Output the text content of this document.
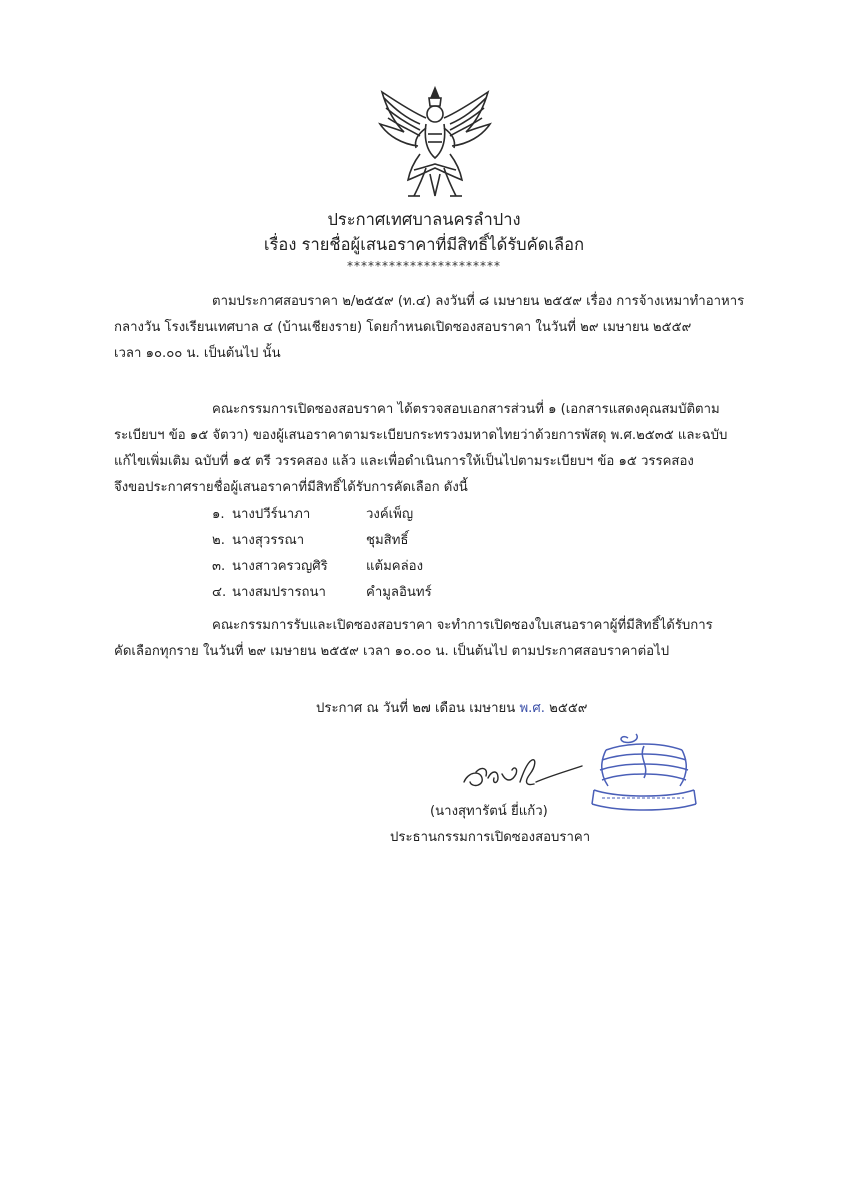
ประกาศเทศบาลนครลำปาง
เรื่อง รายชื่อผู้เสนอราคาที่มีสิทธิ์ได้รับคัดเลือก
**********************
ตามประกาศสอบราคา ๒/๒๕๕๙ (ท.๔) ลงวันที่ ๘ เมษายน ๒๕๕๙ เรื่อง การจ้างเหมาทำอาหาร
กลางวัน โรงเรียนเทศบาล ๔ (บ้านเชียงราย) โดยกำหนดเปิดซองสอบราคา ในวันที่ ๒๙ เมษายน ๒๕๕๙
เวลา ๑๐.๐๐ น. เป็นต้นไป นั้น
คณะกรรมการเปิดซองสอบราคา ได้ตรวจสอบเอกสารส่วนที่ ๑ (เอกสารแสดงคุณสมบัติตาม
ระเบียบฯ ข้อ ๑๕ จัตวา) ของผู้เสนอราคาตามระเบียบกระทรวงมหาดไทยว่าด้วยการพัสดุ พ.ศ.๒๕๓๕ และฉบับ
แก้ไขเพิ่มเติม ฉบับที่ ๑๕ ตรี วรรคสอง แล้ว และเพื่อดำเนินการให้เป็นไปตามระเบียบฯ ข้อ ๑๕ วรรคสอง
จึงขอประกาศรายชื่อผู้เสนอราคาที่มีสิทธิ์ได้รับการคัดเลือก ดังนี้
๑. นางปวีร์นาภา	วงค์เพ็ญ
๒. นางสุวรรณา	ชุมสิทธิ์
๓. นางสาวครวญศิริ	แต้มคล่อง
๔. นางสมปรารถนา	คำมูลอินทร์
คณะกรรมการรับและเปิดซองสอบราคา จะทำการเปิดซองใบเสนอราคาผู้ที่มีสิทธิ์ได้รับการ
คัดเลือกทุกราย ในวันที่ ๒๙ เมษายน ๒๕๕๙ เวลา ๑๐.๐๐ น. เป็นต้นไป ตามประกาศสอบราคาต่อไป
ประกาศ ณ วันที่ ๒๗ เดือน เมษายน พ.ศ. ๒๕๕๙
(นางสุทารัตน์ ยี่แก้ว)
ประธานกรรมการเปิดซองสอบราคา
